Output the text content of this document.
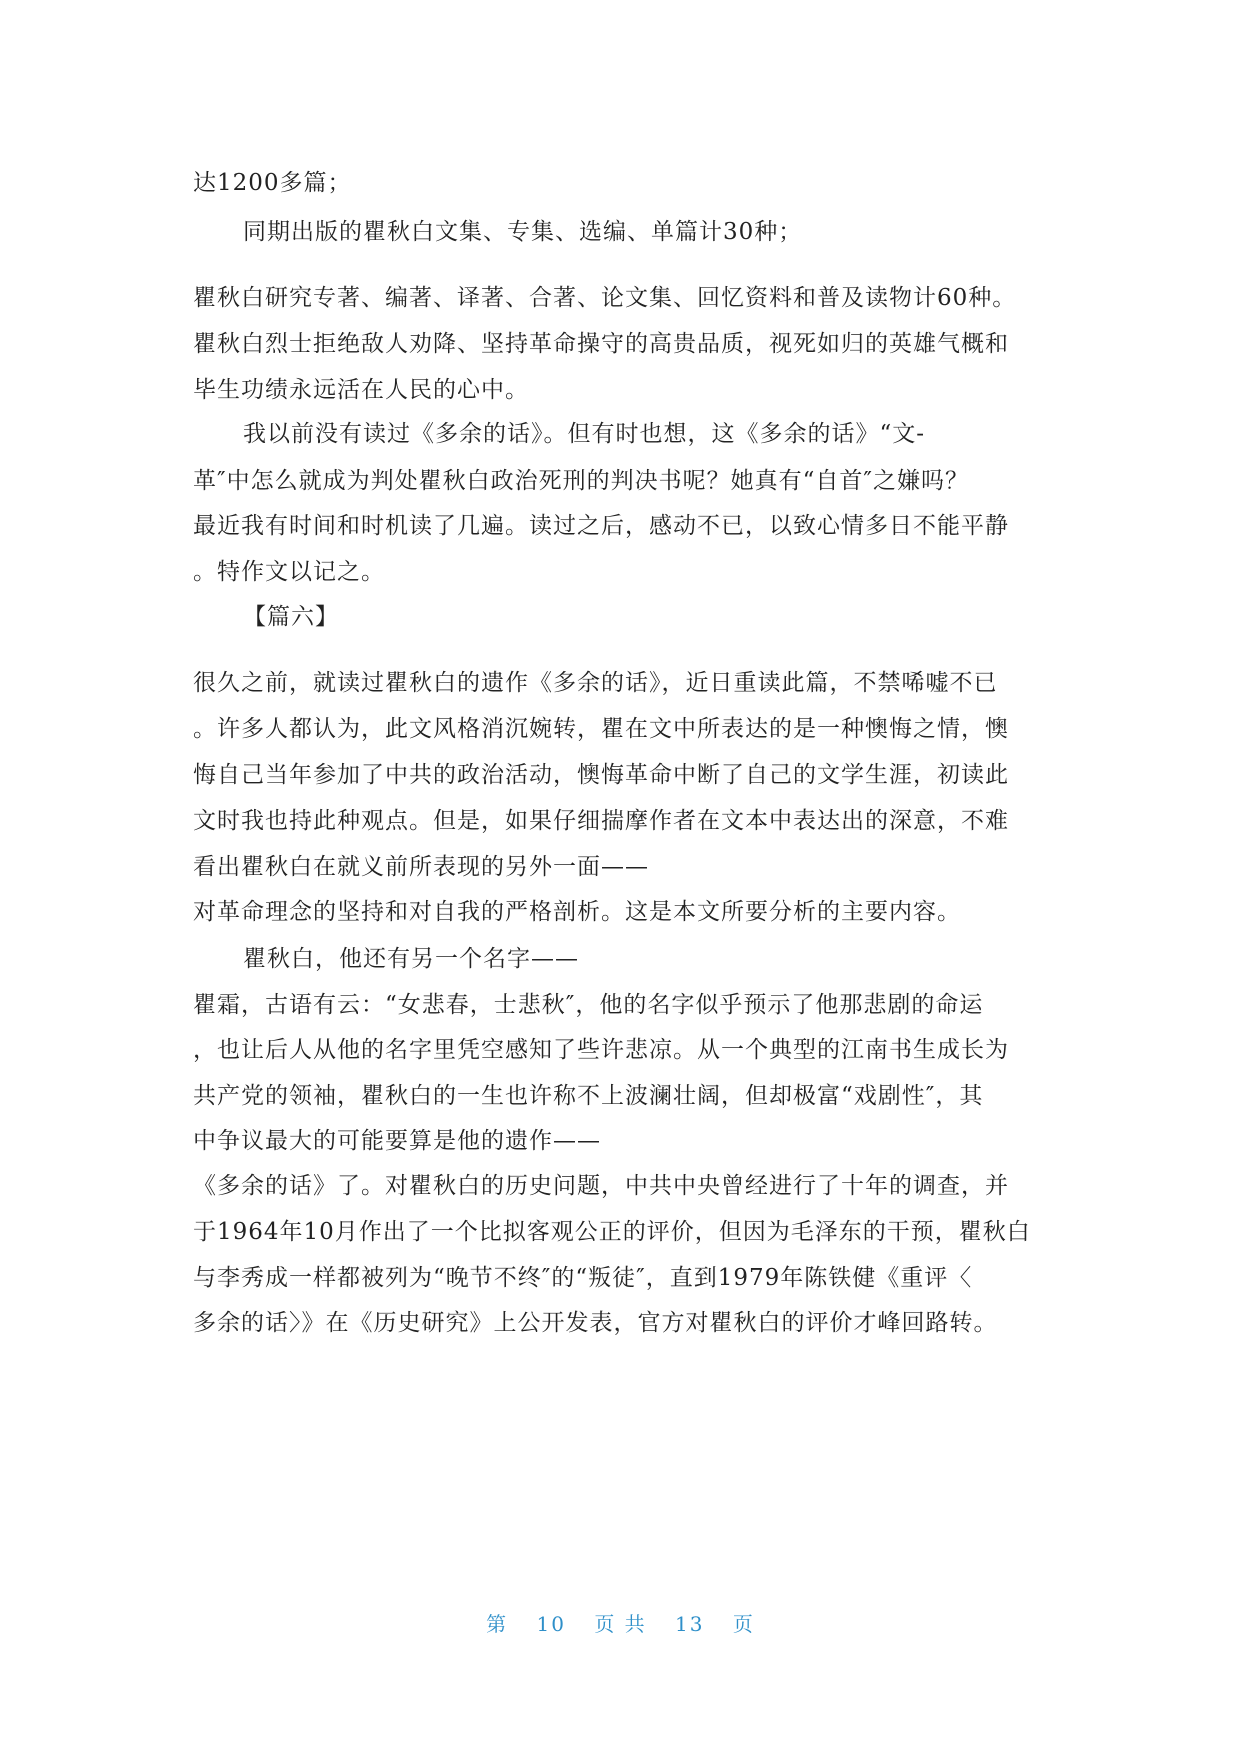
达1200多篇；
同期出版的瞿秋白文集、专集、选编、单篇计30种；
瞿秋白研究专著、编著、译著、合著、论文集、回忆资料和普及读物计60种。
瞿秋白烈士拒绝敌人劝降、坚持革命操守的高贵品质，视死如归的英雄气概和
毕生功绩永远活在人民的心中。
我以前没有读过《多余的话》。但有时也想，这《多余的话》“文-
革″中怎么就成为判处瞿秋白政治死刑的判决书呢？她真有“自首″之嫌吗？
最近我有时间和时机读了几遍。读过之后，感动不已，以致心情多日不能平静
。特作文以记之。
【篇六】
很久之前，就读过瞿秋白的遗作《多余的话》，近日重读此篇，不禁唏嘘不已
。许多人都认为，此文风格消沉婉转，瞿在文中所表达的是一种懊悔之情，懊
悔自己当年参加了中共的政治活动，懊悔革命中断了自己的文学生涯，初读此
文时我也持此种观点。但是，如果仔细揣摩作者在文本中表达出的深意，不难
看出瞿秋白在就义前所表现的另外一面——
对革命理念的坚持和对自我的严格剖析。这是本文所要分析的主要内容。
瞿秋白，他还有另一个名字——
瞿霜，古语有云：“女悲春，士悲秋″，他的名字似乎预示了他那悲剧的命运
，也让后人从他的名字里凭空感知了些许悲凉。从一个典型的江南书生成长为
共产党的领袖，瞿秋白的一生也许称不上波澜壮阔，但却极富“戏剧性″，其
中争议最大的可能要算是他的遗作——
《多余的话》了。对瞿秋白的历史问题，中共中央曾经进行了十年的调查，并
于1964年10月作出了一个比拟客观公正的评价，但因为毛泽东的干预，瞿秋白
与李秀成一样都被列为“晚节不终″的“叛徒″，直到1979年陈铁健《重评〈
多余的话〉》在《历史研究》上公开发表，官方对瞿秋白的评价才峰回路转。
第 10 页 共 13 页
